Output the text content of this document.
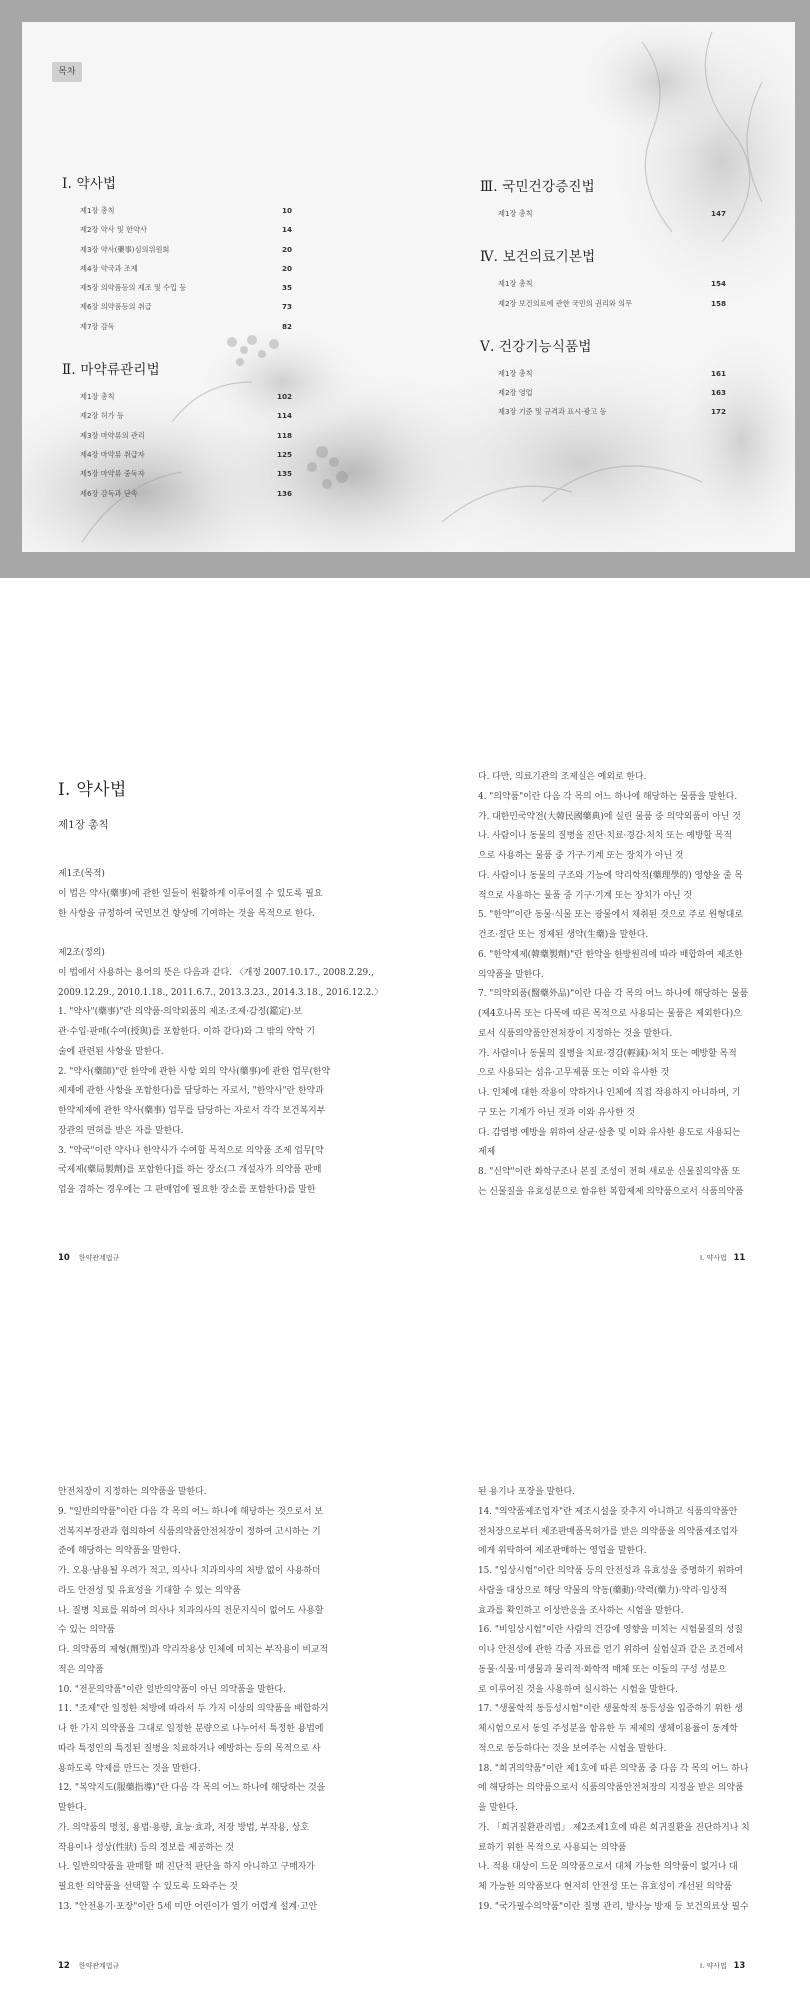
목차
Ⅰ. 약사법
제1장 총칙	10
제2장 약사 및 한약사	14
제3장 약사(藥事)심의위원회	20
제4장 약국과 조제	20
제5장 의약품등의 제조 및 수입 등	35
제6장 의약품등의 취급	73
제7장 감독	82
Ⅱ. 마약류관리법
제1장 총칙	102
제2장 허가 등	114
제3장 마약류의 관리	118
제4장 마약류 취급자	125
제5장 마약류 중독자	135
제6장 감독과 단속	136
Ⅲ. 국민건강증진법
제1장 총칙	147
Ⅳ. 보건의료기본법
제1장 총칙	154
제2장 보건의료에 관한 국민의 권리와 의무	158
Ⅴ. 건강기능식품법
제1장 총칙	161
제2장 영업	163
제3장 기준 및 규격과 표시·광고 등	172
Ⅰ. 약사법
제1장 총칙

제1조(목적)

이 법은 약사(藥事)에 관한 일들이 원활하게 이루어질 수 있도록 필요

한 사항을 규정하여 국민보건 향상에 기여하는 것을 목적으로 한다.

제2조(정의)

이 법에서 사용하는 용어의 뜻은 다음과 같다. 〈개정 2007.10.17., 2008.2.29.,

2009.12.29., 2010.1.18., 2011.6.7., 2013.3.23., 2014.3.18., 2016.12.2.〉

1. "약사"(藥事)"란 의약품·의약외품의 제조·조제·감정(鑑定)·보

관·수입·판매(수여(授與)를 포함한다. 이하 같다)와 그 밖의 약학 기

술에 관련된 사항을 말한다.

2. "약사(藥師)"란 한약에 관한 사항 외의 약사(藥事)에 관한 업무(한약

제제에 관한 사항을 포함한다)를 담당하는 자로서, "한약사"란 한약과

한약제제에 관한 약사(藥事) 업무를 담당하는 자로서 각각 보건복지부

장관의 면허를 받은 자를 말한다.

3. "약국"이란 약사나 한약사가 수여할 목적으로 의약품 조제 업무[약

국제제(藥局製劑)를 포함한다]를 하는 장소(그 개설자가 의약품 판매

업을 겸하는 경우에는 그 판매업에 필요한 장소를 포함한다)를 말한

다. 다만, 의료기관의 조제실은 예외로 한다.

4. "의약품"이란 다음 각 목의 어느 하나에 해당하는 물품을 말한다.

가. 대한민국약전(大韓民國藥典)에 실린 물품 중 의약외품이 아닌 것

나. 사람이나 동물의 질병을 진단·치료·경감·처치 또는 예방할 목적

으로 사용하는 물품 중 기구·기계 또는 장치가 아닌 것

다. 사람이나 동물의 구조와 기능에 약리학적(藥理學的) 영향을 줄 목

적으로 사용하는 물품 중 기구·기계 또는 장치가 아닌 것

5. "한약"이란 동물·식물 또는 광물에서 채취된 것으로 주로 원형대로

건조·절단 또는 정제된 생약(生藥)을 말한다.

6. "한약제제(韓藥製劑)"란 한약을 한방원리에 따라 배합하여 제조한

의약품을 말한다.

7. "의약외품(醫藥外品)"이란 다음 각 목의 어느 하나에 해당하는 물품

(제4호나목 또는 다목에 따른 목적으로 사용되는 물품은 제외한다)으

로서 식품의약품안전처장이 지정하는 것을 말한다.

가. 사람이나 동물의 질병을 치료·경감(輕減)·처치 또는 예방할 목적

으로 사용되는 섬유·고무제품 또는 이와 유사한 것

나. 인체에 대한 작용이 약하거나 인체에 직접 작용하지 아니하며, 기

구 또는 기계가 아닌 것과 이와 유사한 것

다. 감염병 예방을 위하여 살균·살충 및 이와 유사한 용도로 사용되는

제제

8. "신약"이란 화학구조나 본질 조성이 전혀 새로운 신물질의약품 또

는 신물질을 유효성분으로 함유한 복합제제 의약품으로서 식품의약품

10 한약관계법규	Ⅰ. 약사법 11

안전처장이 지정하는 의약품을 말한다.

9. "일반의약품"이란 다음 각 목의 어느 하나에 해당하는 것으로서 보

건복지부장관과 협의하여 식품의약품안전처장이 정하여 고시하는 기

준에 해당하는 의약품을 말한다.

가. 오용·남용될 우려가 적고, 의사나 치과의사의 처방 없이 사용하더

라도 안전성 및 유효성을 기대할 수 있는 의약품

나. 질병 치료를 위하여 의사나 치과의사의 전문지식이 없어도 사용할

수 있는 의약품

다. 의약품의 제형(劑型)과 약리작용상 인체에 미치는 부작용이 비교적

적은 의약품

10. "전문의약품"이란 일반의약품이 아닌 의약품을 말한다.

11. "조제"란 일정한 처방에 따라서 두 가지 이상의 의약품을 배합하거

나 한 가지 의약품을 그대로 일정한 분량으로 나누어서 특정한 용법에

따라 특정인의 특정된 질병을 치료하거나 예방하는 등의 목적으로 사

용하도록 약제를 만드는 것을 말한다.

12. "복약지도(服藥指導)"란 다음 각 목의 어느 하나에 해당하는 것을

말한다.

가. 의약품의 명칭, 용법·용량, 효능·효과, 저장 방법, 부작용, 상호

작용이나 성상(性狀) 등의 정보를 제공하는 것

나. 일반의약품을 판매할 때 진단적 판단을 하지 아니하고 구매자가

필요한 의약품을 선택할 수 있도록 도와주는 것

13. "안전용기·포장"이란 5세 미만 어린이가 열기 어렵게 설계·고안

된 용기나 포장을 말한다.

14. "의약품제조업자"란 제조시설을 갖추지 아니하고 식품의약품안

전처장으로부터 제조판매품목허가를 받은 의약품을 의약품제조업자

에게 위탁하여 제조판매하는 영업을 말한다.

15. "임상시험"이란 의약품 등의 안전성과 유효성을 증명하기 위하여

사람을 대상으로 해당 약물의 약동(藥動)·약력(藥力)·약리·임상적

효과를 확인하고 이상반응을 조사하는 시험을 말한다.

16. "비임상시험"이란 사람의 건강에 영향을 미치는 시험물질의 성질

이나 안전성에 관한 각종 자료를 얻기 위하여 실험실과 같은 조건에서

동물·식물·미생물과 물리적·화학적 매체 또는 이들의 구성 성분으

로 이루어진 것을 사용하여 실시하는 시험을 말한다.

17. "생물학적 동등성시험"이란 생물학적 동등성을 입증하기 위한 생

체시험으로서 동일 주성분을 함유한 두 제제의 생체이용률이 동계학

적으로 동등하다는 것을 보여주는 시험을 말한다.

18. "희귀의약품"이란 제1호에 따른 의약품 중 다음 각 목의 어느 하나

에 해당하는 의약품으로서 식품의약품안전처장의 지정을 받은 의약품

을 말한다.

가. 「희귀질환관리법」 제2조제1호에 따른 희귀질환을 진단하거나 치

료하기 위한 목적으로 사용되는 의약품

나. 적용 대상이 드문 의약품으로서 대체 가능한 의약품이 없거나 대

체 가능한 의약품보다 현저히 안전성 또는 유효성이 개선된 의약품

19. "국가필수의약품"이란 질병 관리, 방사능 방재 등 보건의료상 필수

12 한약관계법규	Ⅰ. 약사법 13
